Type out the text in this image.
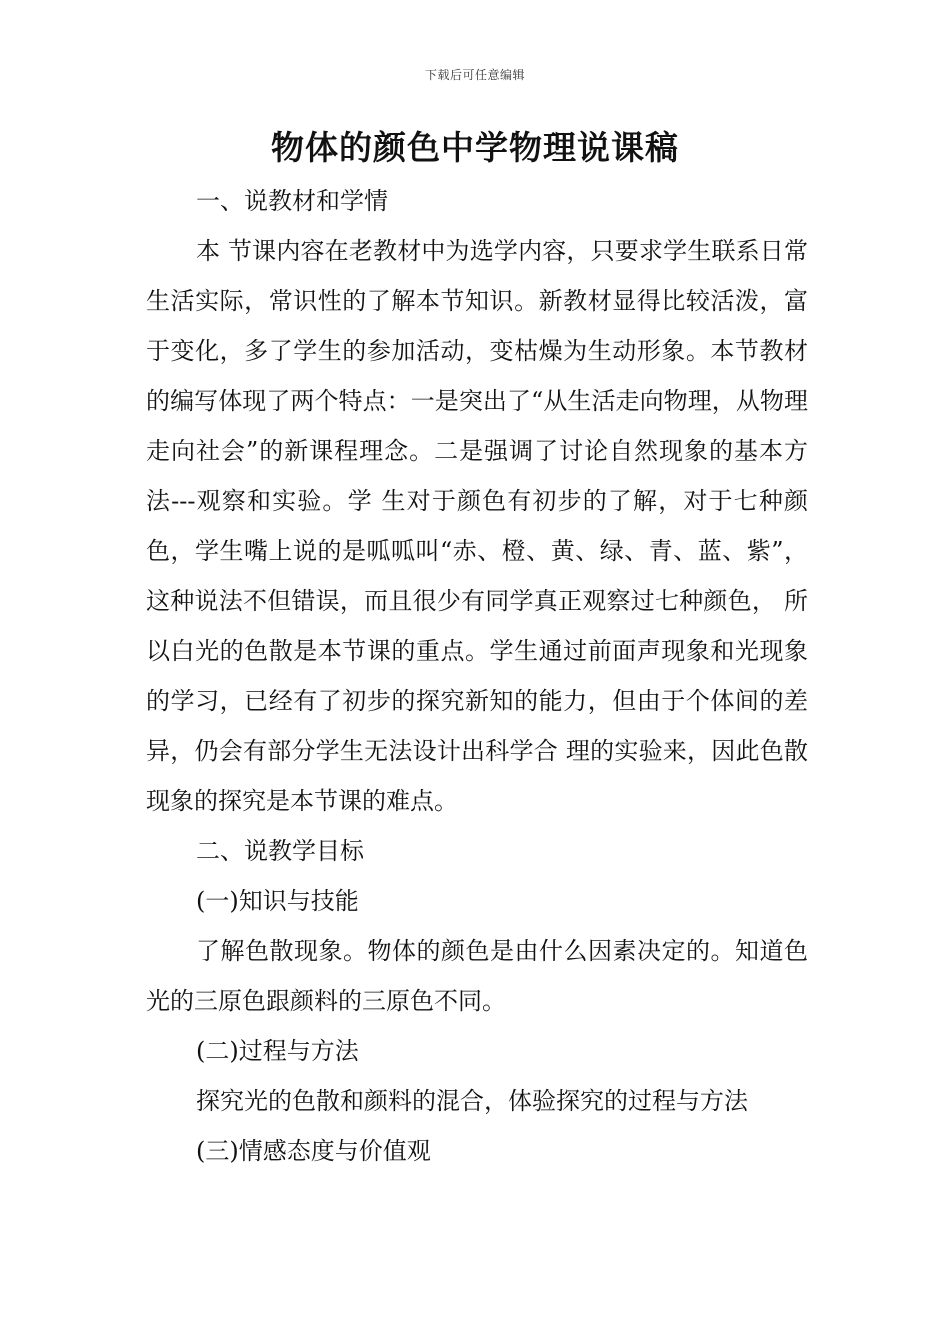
下载后可任意编辑
物体的颜色中学物理说课稿

一、说教材和学情

本 节课内容在老教材中为选学内容，只要求学生联系日常生活实际，常识性的了解本节知识。新教材显得比较活泼，富于变化，多了学生的参加活动，变枯燥为生动形象。本节教材的编写体现了两个特点：一是突出了“从生活走向物理，从物理走向社会”的新课程理念。二是强调了讨论自然现象的基本方法---观察和实验。学 生对于颜色有初步的了解，对于七种颜色，学生嘴上说的是呱呱叫“赤、橙、黄、绿、青、蓝、紫”，这种说法不但错误，而且很少有同学真正观察过七种颜色， 所以白光的色散是本节课的重点。学生通过前面声现象和光现象的学习，已经有了初步的探究新知的能力，但由于个体间的差异，仍会有部分学生无法设计出科学合 理的实验来，因此色散现象的探究是本节课的难点。

二、说教学目标

(一)知识与技能

了解色散现象。物体的颜色是由什么因素决定的。知道色光的三原色跟颜料的三原色不同。

(二)过程与方法

探究光的色散和颜料的混合，体验探究的过程与方法

(三)情感态度与价值观
